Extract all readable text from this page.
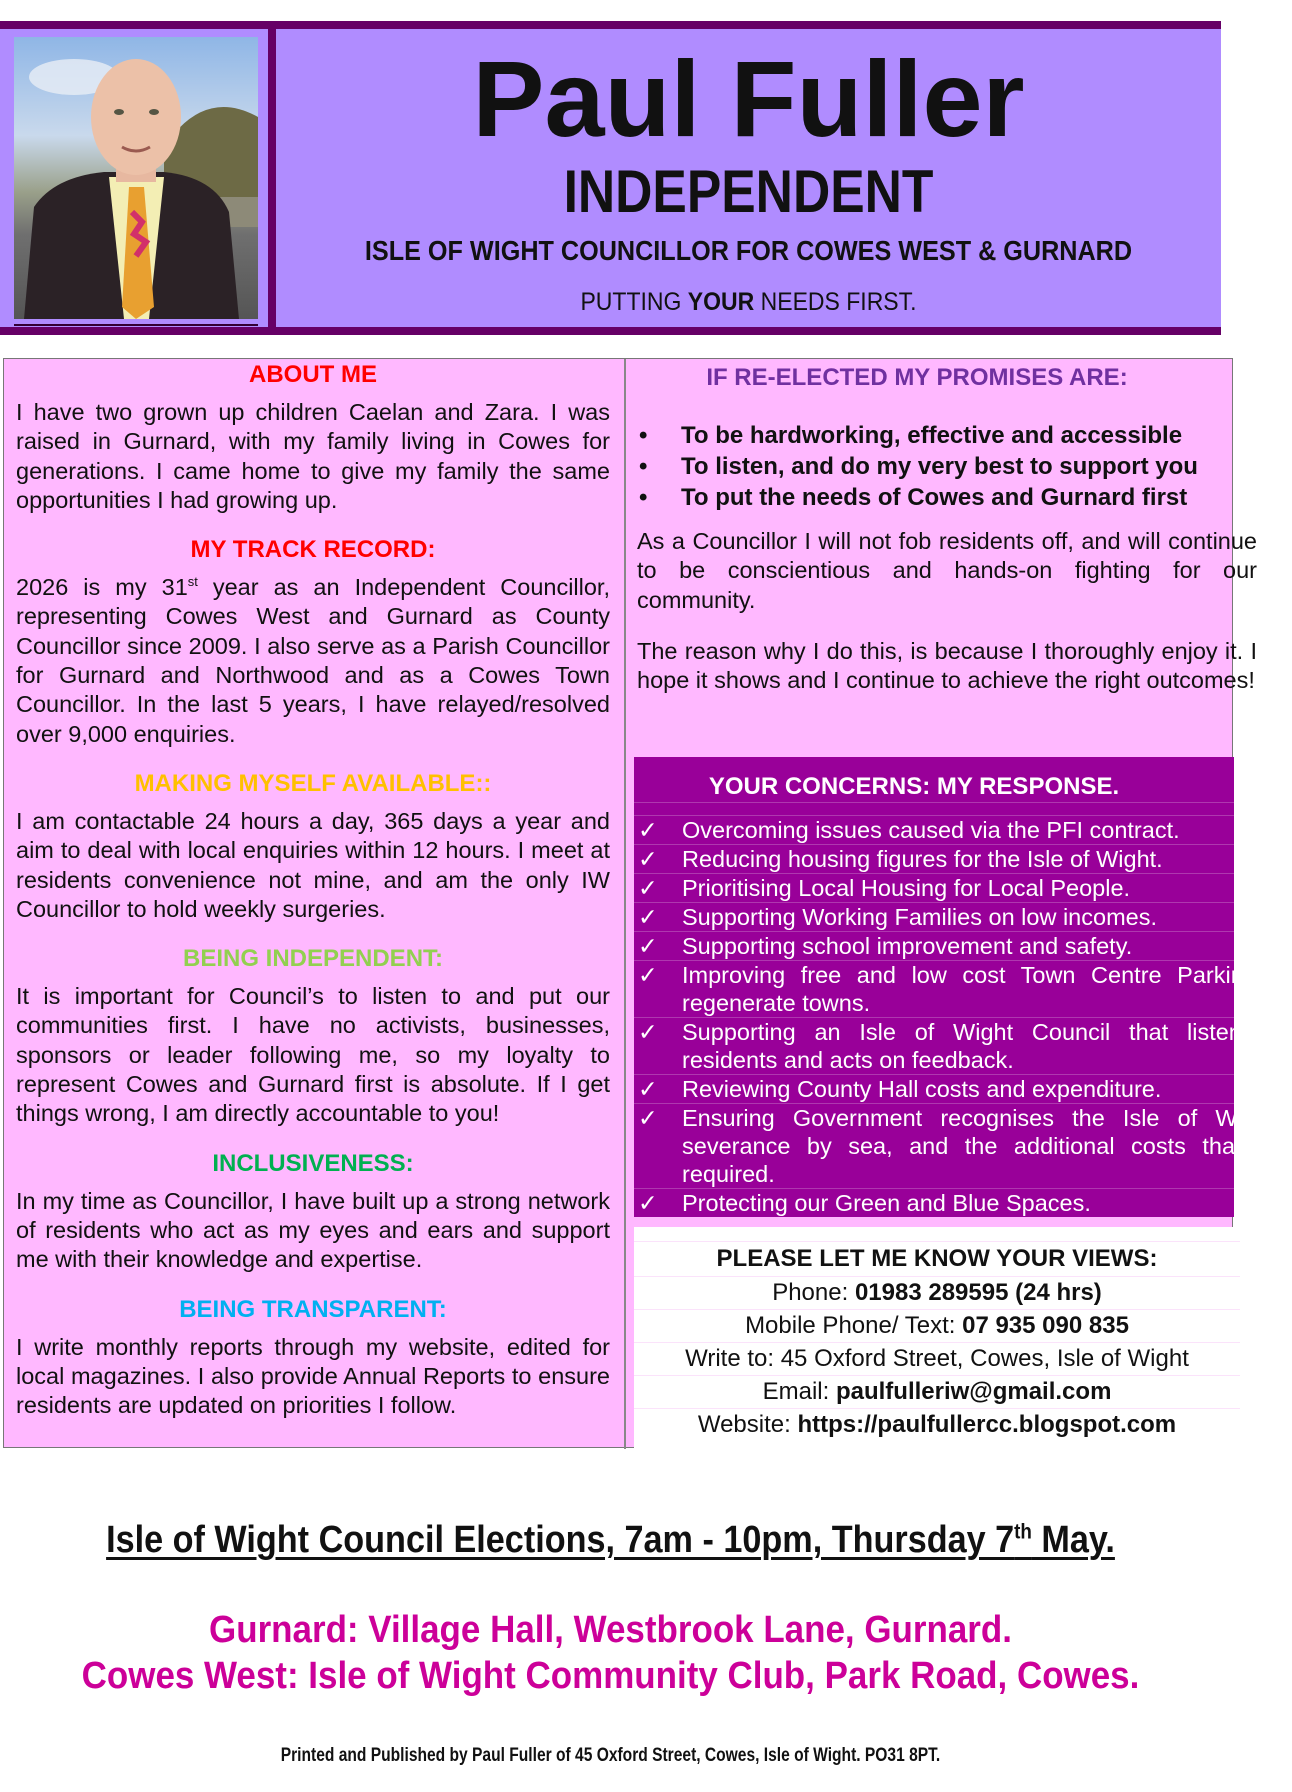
Paul Fuller
INDEPENDENT
ISLE OF WIGHT COUNCILLOR FOR COWES WEST & GURNARD
PUTTING YOUR NEEDS FIRST.
ABOUT ME

I have two grown up children Caelan and Zara. I was raised in Gurnard, with my family living in Cowes for generations. I came home to give my family the same opportunities I had growing up.

MY TRACK RECORD:

2026 is my 31st year as an Independent Councillor, representing Cowes West and Gurnard as County Councillor since 2009. I also serve as a Parish Councillor for Gurnard and Northwood and as a Cowes Town Councillor. In the last 5 years, I have relayed/resolved over 9,000 enquiries.

MAKING MYSELF AVAILABLE::

I am contactable 24 hours a day, 365 days a year and aim to deal with local enquiries within 12 hours. I meet at residents convenience not mine, and am the only IW Councillor to hold weekly surgeries.

BEING INDEPENDENT:

It is important for Council’s to listen to and put our communities first. I have no activists, businesses, sponsors or leader following me, so my loyalty to represent Cowes and Gurnard first is absolute. If I get things wrong, I am directly accountable to you!

INCLUSIVENESS:

In my time as Councillor, I have built up a strong network of residents who act as my eyes and ears and support me with their knowledge and expertise.

BEING TRANSPARENT:

I write monthly reports through my website, edited for local magazines. I also provide Annual Reports to ensure residents are updated on priorities I follow.

IF RE-ELECTED MY PROMISES ARE:
• To be hardworking, effective and accessible
• To listen, and do my very best to support you
• To put the needs of Cowes and Gurnard first

As a Councillor I will not fob residents off, and will continue to be conscientious and hands-on fighting for our community.

The reason why I do this, is because I thoroughly enjoy it. I hope it shows and I continue to achieve the right outcomes!

YOUR CONCERNS: MY RESPONSE.
✓ Overcoming issues caused via the PFI contract.
✓ Reducing housing figures for the Isle of Wight.
✓ Prioritising Local Housing for Local People.
✓ Supporting Working Families on low incomes.
✓ Supporting school improvement and safety.
✓ Improving free and low cost Town Centre Parking to regenerate towns.
✓ Supporting an Isle of Wight Council that listens to residents and acts on feedback.
✓ Reviewing County Hall costs and expenditure.
✓ Ensuring Government recognises the Isle of Wight’s severance by sea, and the additional costs that are required.
✓ Protecting our Green and Blue Spaces.
PLEASE LET ME KNOW YOUR VIEWS:
Phone: 01983 289595 (24 hrs)
Mobile Phone/ Text: 07 935 090 835
Write to: 45 Oxford Street, Cowes, Isle of Wight
Email: paulfulleriw@gmail.com
Website: https://paulfullercc.blogspot.com
Isle of Wight Council Elections, 7am - 10pm, Thursday 7th May.
Gurnard: Village Hall, Westbrook Lane, Gurnard.
Cowes West: Isle of Wight Community Club, Park Road, Cowes.
Printed and Published by Paul Fuller of 45 Oxford Street, Cowes, Isle of Wight. PO31 8PT.
